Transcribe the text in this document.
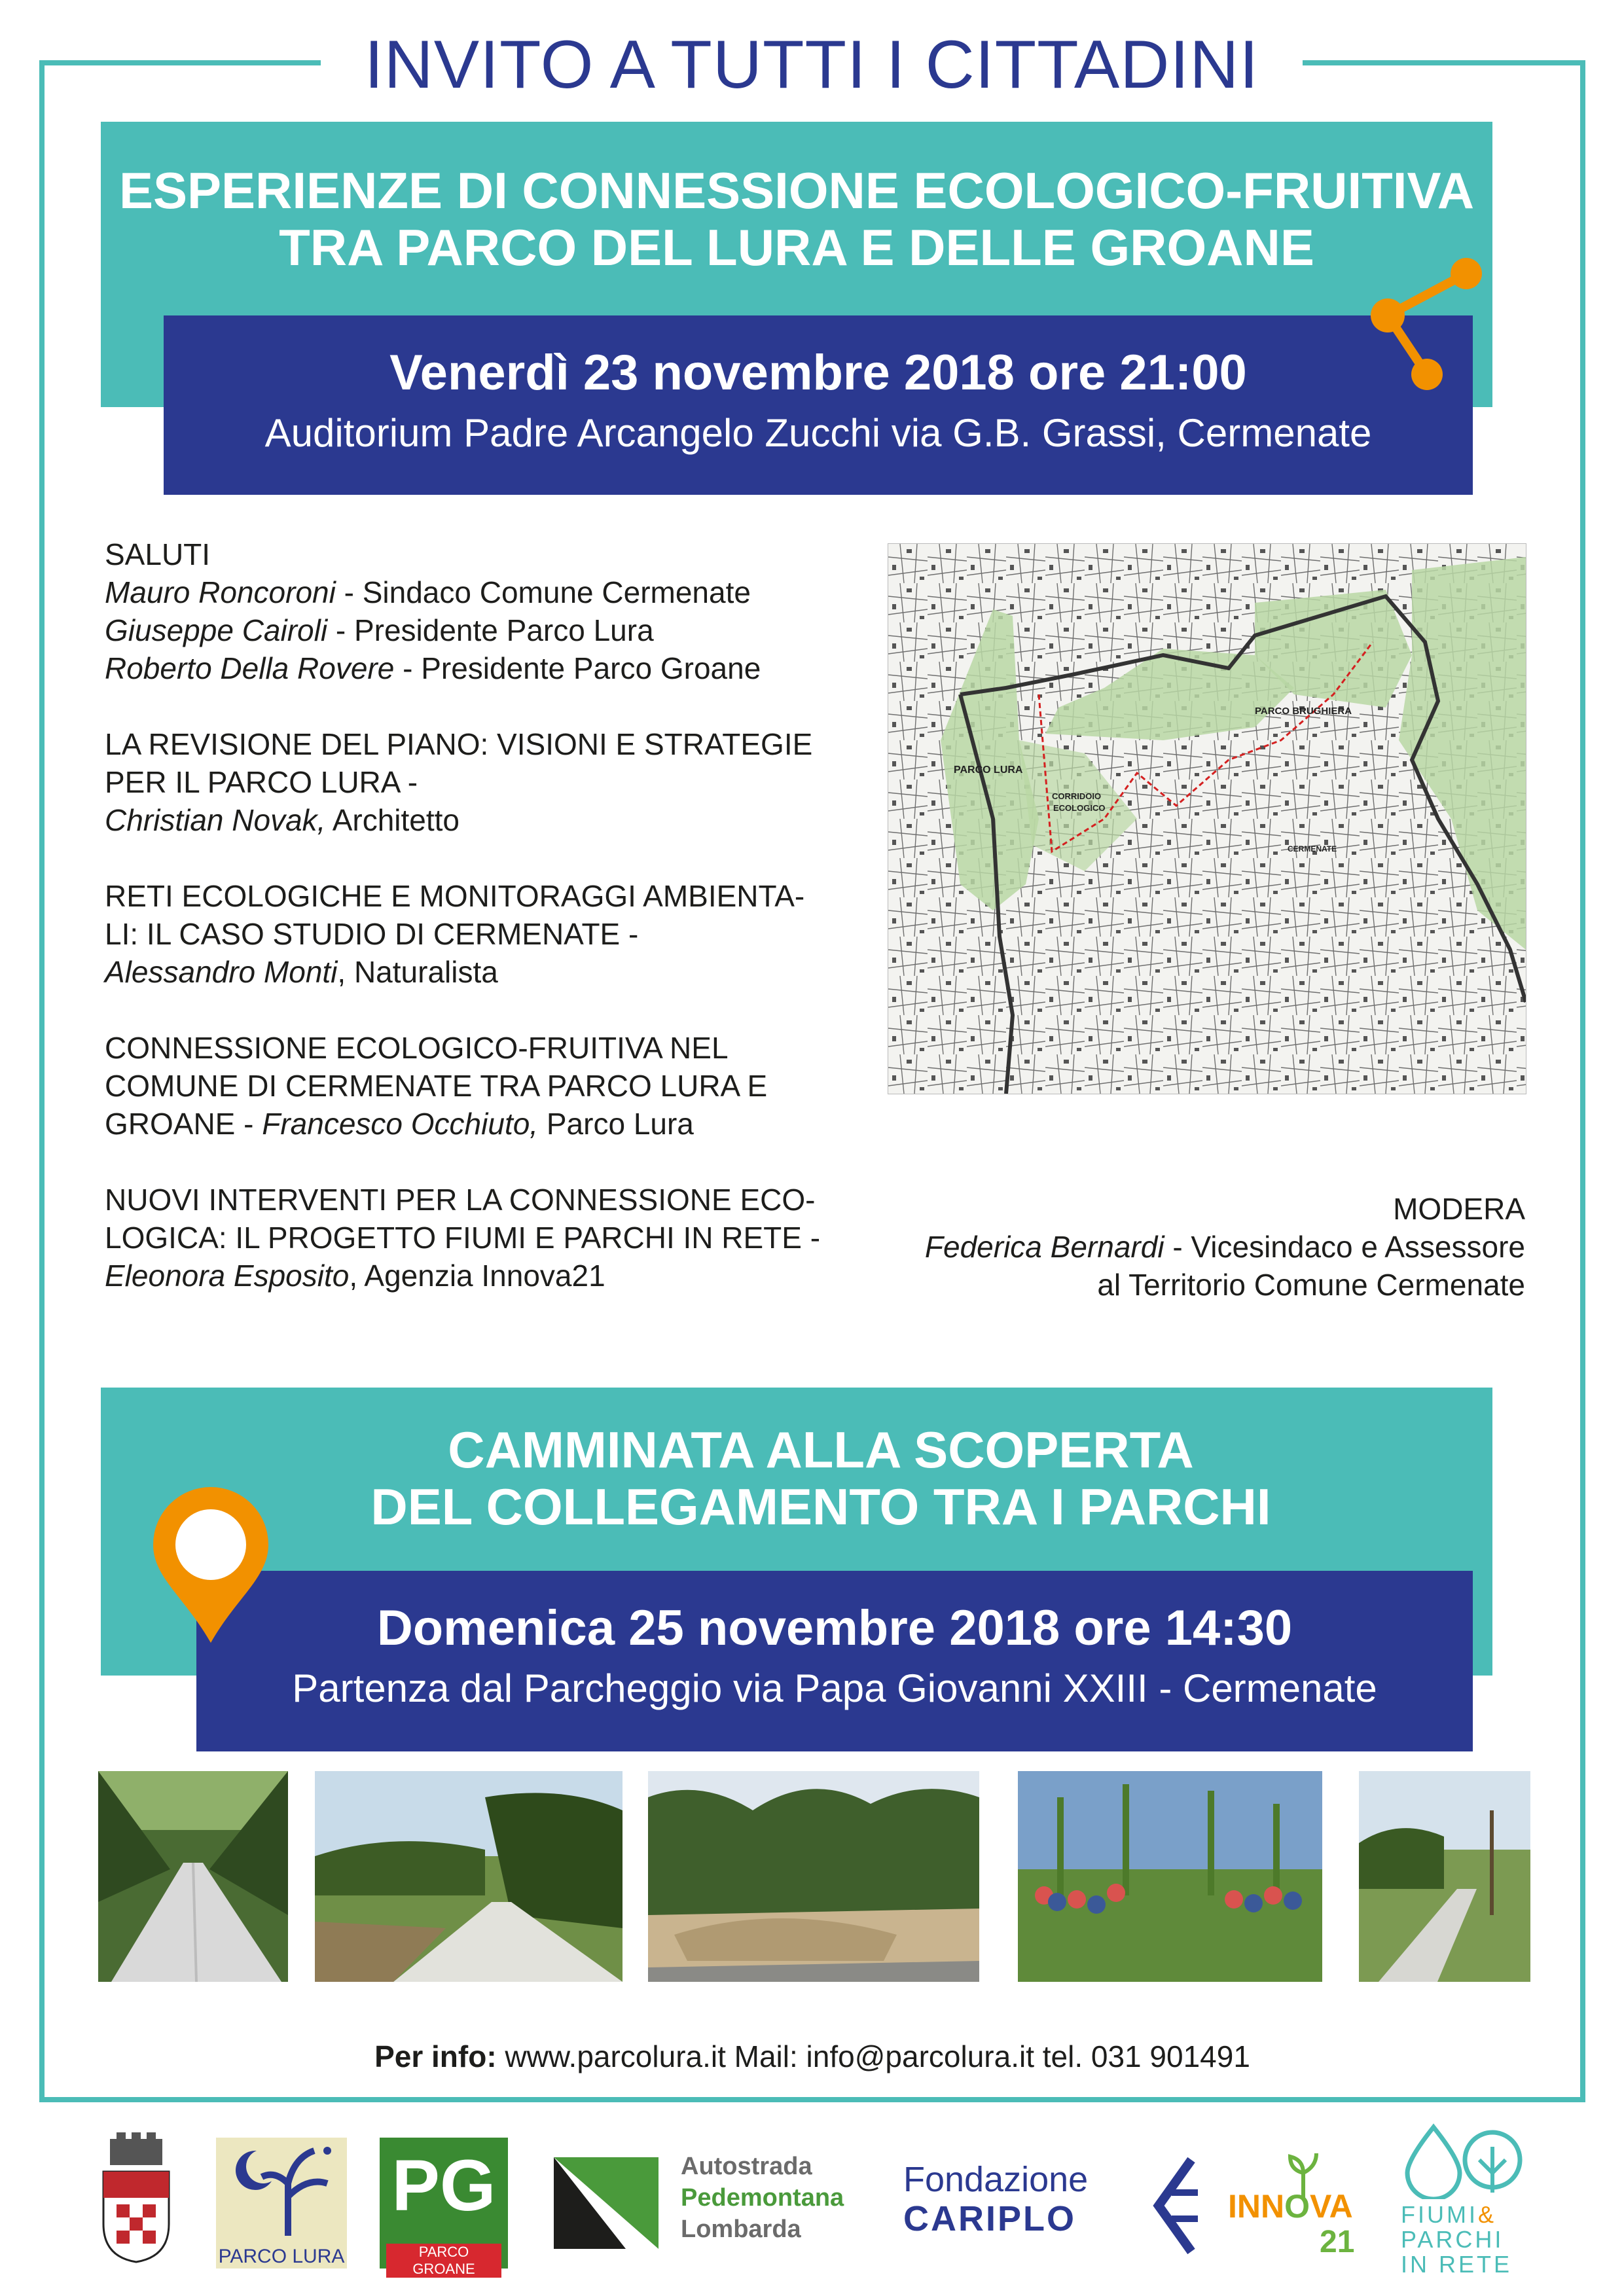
INVITO A TUTTI I CITTADINI
ESPERIENZE DI CONNESSIONE ECOLOGICO-FRUITIVA
TRA PARCO DEL LURA E DELLE GROANE
Venerdì 23 novembre 2018 ore 21:00
Auditorium Padre Arcangelo Zucchi via G.B. Grassi, Cermenate

SALUTI
Mauro Roncoroni - Sindaco Comune Cermenate
Giuseppe Cairoli - Presidente Parco Lura
Roberto Della Rovere - Presidente Parco Groane

LA REVISIONE DEL PIANO: VISIONI E STRATEGIE
PER IL PARCO LURA -
Christian Novak, Architetto

RETI ECOLOGICHE E MONITORAGGI AMBIENTA-
LI: IL CASO STUDIO DI CERMENATE -
Alessandro Monti, Naturalista

CONNESSIONE ECOLOGICO-FRUITIVA NEL
COMUNE DI CERMENATE TRA PARCO LURA E
GROANE - Francesco Occhiuto, Parco Lura

NUOVI INTERVENTI PER LA CONNESSIONE ECO-
LOGICA: IL PROGETTO FIUMI E PARCHI IN RETE -
Eleonora Esposito, Agenzia Innova21

PARCO LURA
PARCO BRUGHIERA
CORRIDOIO
ECOLOGICO
CERMENATE
MODERA
Federica Bernardi - Vicesindaco e Assessore
al Territorio Comune Cermenate
CAMMINATA ALLA SCOPERTA
DEL COLLEGAMENTO TRA I PARCHI
Domenica 25 novembre 2018 ore 14:30
Partenza dal Parcheggio via Papa Giovanni XXIII - Cermenate
Per info: www.parcolura.it Mail: info@parcolura.it tel. 031 901491
PARCO LURA
PG
PARCO GROANE
Autostrada
Pedemontana
Lombarda
Fondazione
CARIPLO	INNOVA
21
FIUMI&
PARCHI
IN RETE
